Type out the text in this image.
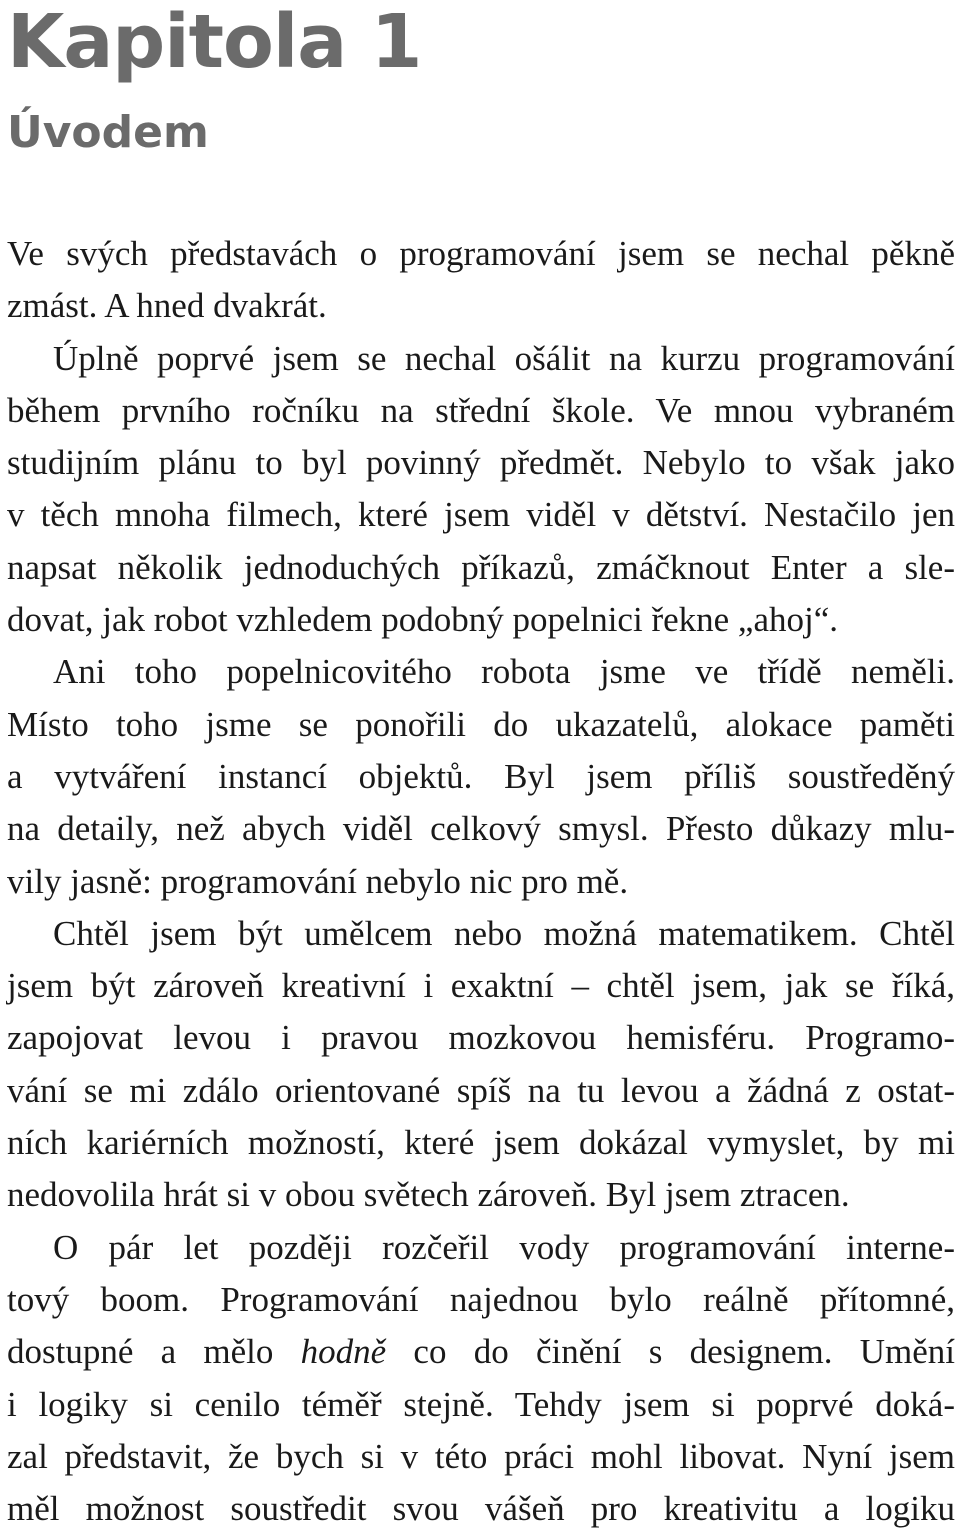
Kapitola 1
Úvodem

Ve svých představách o programování jsem se nechal pěkně
zmást. A hned dvakrát.

Úplně poprvé jsem se nechal ošálit na kurzu programování
během prvního ročníku na střední škole. Ve mnou vybraném
studijním plánu to byl povinný předmět. Nebylo to však jako
v těch mnoha filmech, které jsem viděl v dětství. Nestačilo jen
napsat několik jednoduchých příkazů, zmáčknout Enter a sle-
dovat, jak robot vzhledem podobný popelnici řekne „ahoj“.

Ani toho popelnicovitého robota jsme ve třídě neměli.
Místo toho jsme se ponořili do ukazatelů, alokace paměti
a vytváření instancí objektů. Byl jsem příliš soustředěný
na detaily, než abych viděl celkový smysl. Přesto důkazy mlu-
vily jasně: programování nebylo nic pro mě.

Chtěl jsem být umělcem nebo možná matematikem. Chtěl
jsem být zároveň kreativní i exaktní – chtěl jsem, jak se říká,
zapojovat levou i pravou mozkovou hemisféru. Programo-
vání se mi zdálo orientované spíš na tu levou a žádná z ostat-
ních kariérních možností, které jsem dokázal vymyslet, by mi
nedovolila hrát si v obou světech zároveň. Byl jsem ztracen.

O pár let později rozčeřil vody programování interne-
tový boom. Programování najednou bylo reálně přítomné,
dostupné a mělo hodně co do činění s designem. Umění
i logiky si cenilo téměř stejně. Tehdy jsem si poprvé doká-
zal představit, že bych si v této práci mohl libovat. Nyní jsem
měl možnost soustředit svou vášeň pro kreativitu a logiku
